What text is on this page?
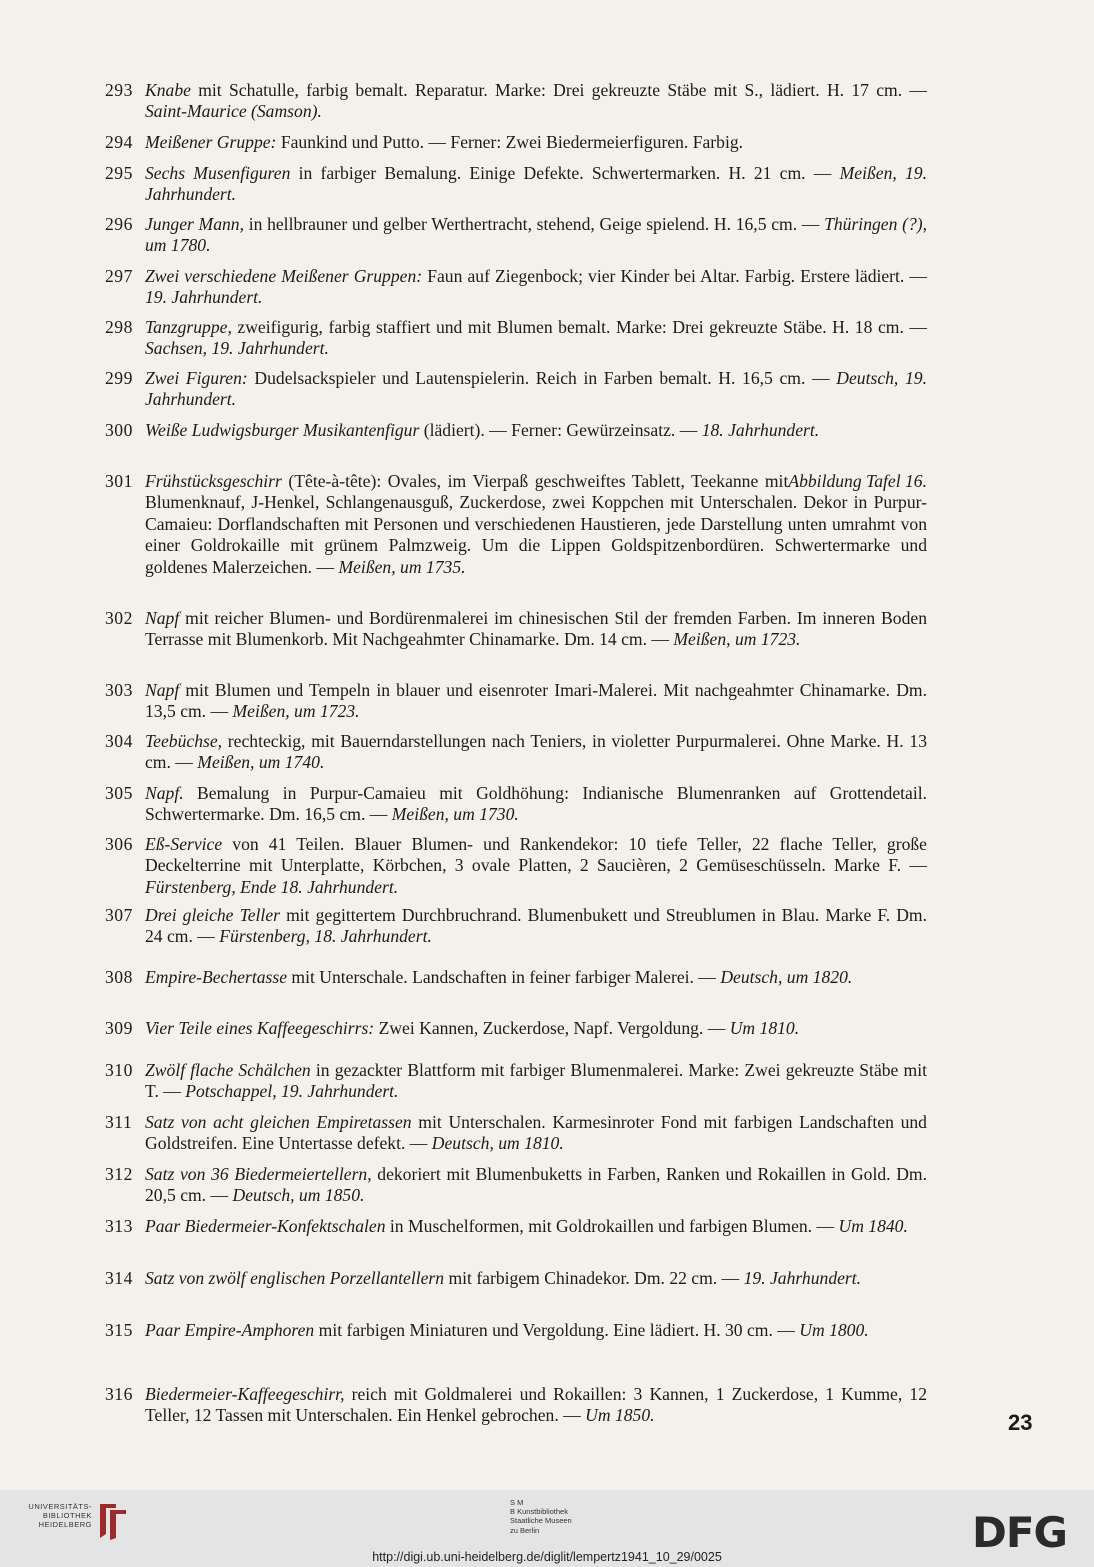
293 Knabe mit Schatulle, farbig bemalt. Reparatur. Marke: Drei gekreuzte Stäbe mit S., lädiert. H. 17 cm. — Saint-Maurice (Samson).
294 Meißener Gruppe: Faunkind und Putto. — Ferner: Zwei Biedermeierfiguren. Farbig.
295 Sechs Musenfiguren in farbiger Bemalung. Einige Defekte. Schwertermarken. H. 21 cm. — Meißen, 19. Jahrhundert.
296 Junger Mann, in hellbrauner und gelber Werthertracht, stehend, Geige spielend. H. 16,5 cm. — Thüringen (?), um 1780.
297 Zwei verschiedene Meißener Gruppen: Faun auf Ziegenbock; vier Kinder bei Altar. Farbig. Erstere lädiert. — 19. Jahrhundert.
298 Tanzgruppe, zweifigurig, farbig staffiert und mit Blumen bemalt. Marke: Drei gekreuzte Stäbe. H. 18 cm. — Sachsen, 19. Jahrhundert.
299 Zwei Figuren: Dudelsackspieler und Lautenspielerin. Reich in Farben bemalt. H. 16,5 cm. — Deutsch, 19. Jahrhundert.
300 Weiße Ludwigsburger Musikantenfigur (lädiert). — Ferner: Gewürzeinsatz. — 18. Jahrhundert.
301	Abbildung Tafel 16.
Frühstücksgeschirr (Tête-à-tête): Ovales, im Vierpaß geschweiftes Tablett, Teekanne mit Blumenknauf, J-Henkel, Schlangenausguß, Zuckerdose, zwei Koppchen mit Unterschalen. Dekor in Purpur-Camaieu: Dorflandschaften mit Personen und verschiedenen Haustieren, jede Darstellung unten umrahmt von einer Goldrokaille mit grünem Palmzweig. Um die Lippen Goldspitzenbordüren. Schwertermarke und goldenes Malerzeichen. — Meißen, um 1735.
302 Napf mit reicher Blumen- und Bordürenmalerei im chinesischen Stil der fremden Farben. Im inneren Boden Terrasse mit Blumenkorb. Mit Nachgeahmter Chinamarke. Dm. 14 cm. — Meißen, um 1723.
303 Napf mit Blumen und Tempeln in blauer und eisenroter Imari-Malerei. Mit nachgeahmter Chinamarke. Dm. 13,5 cm. — Meißen, um 1723.
304 Teebüchse, rechteckig, mit Bauerndarstellungen nach Teniers, in violetter Purpurmalerei. Ohne Marke. H. 13 cm. — Meißen, um 1740.
305 Napf. Bemalung in Purpur-Camaieu mit Goldhöhung: Indianische Blumenranken auf Grottendetail. Schwertermarke. Dm. 16,5 cm. — Meißen, um 1730.
306 Eß-Service von 41 Teilen. Blauer Blumen- und Rankendekor: 10 tiefe Teller, 22 flache Teller, große Deckelterrine mit Unterplatte, Körbchen, 3 ovale Platten, 2 Saucièren, 2 Gemüseschüsseln. Marke F. — Fürstenberg, Ende 18. Jahrhundert.
307 Drei gleiche Teller mit gegittertem Durchbruchrand. Blumenbukett und Streublumen in Blau. Marke F. Dm. 24 cm. — Fürstenberg, 18. Jahrhundert.
308 Empire-Bechertasse mit Unterschale. Landschaften in feiner farbiger Malerei. — Deutsch, um 1820.
309 Vier Teile eines Kaffeegeschirrs: Zwei Kannen, Zuckerdose, Napf. Vergoldung. — Um 1810.
310 Zwölf flache Schälchen in gezackter Blattform mit farbiger Blumenmalerei. Marke: Zwei gekreuzte Stäbe mit T. — Potschappel, 19. Jahrhundert.
311 Satz von acht gleichen Empiretassen mit Unterschalen. Karmesinroter Fond mit farbigen Landschaften und Goldstreifen. Eine Untertasse defekt. — Deutsch, um 1810.
312 Satz von 36 Biedermeiertellern, dekoriert mit Blumenbuketts in Farben, Ranken und Rokaillen in Gold. Dm. 20,5 cm. — Deutsch, um 1850.
313 Paar Biedermeier-Konfektschalen in Muschelformen, mit Goldrokaillen und farbigen Blumen. — Um 1840.
314 Satz von zwölf englischen Porzellantellern mit farbigem Chinadekor. Dm. 22 cm. — 19. Jahrhundert.
315 Paar Empire-Amphoren mit farbigen Miniaturen und Vergoldung. Eine lädiert. H. 30 cm. — Um 1800.
316 Biedermeier-Kaffeegeschirr, reich mit Goldmalerei und Rokaillen: 3 Kannen, 1 Zuckerdose, 1 Kumme, 12 Teller, 12 Tassen mit Unterschalen. Ein Henkel gebrochen. — Um 1850.	23
UNIVERSITÄTS-
BIBLIOTHEK
HEIDELBERG
S M
B Kunstbibliothek
Staatliche Museen
zu Berlin	DFG
http://digi.ub.uni-heidelberg.de/diglit/lempertz1941_10_29/0025
